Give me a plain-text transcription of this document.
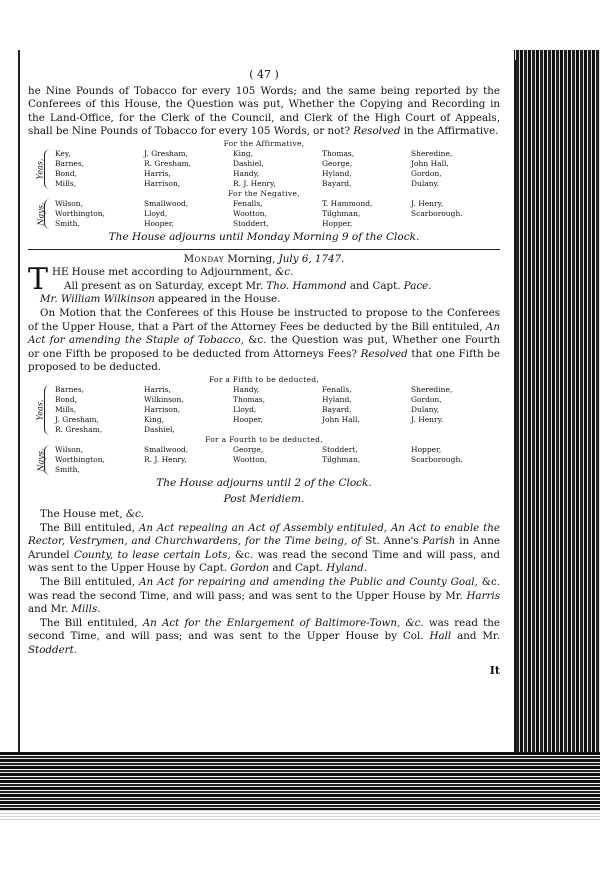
( 47 )

he Nine Pounds of Tobacco for every 105 Words; and the same being reported by the Conferees of this House, the Question was put, Whether the Copying and Recording in the Land-Office, for the Clerk of the Council, and Clerk of the High Court of Appeals, shall be Nine Pounds of Tobacco for every 105 Words, or not? Resolved in the Affirmative.

For the Affirmative,
Yeas,
Key,
Barnes,
Bond,
Mills,
J. Gresham,
R. Gresham,
Harris,
Harrison,
King,
Dashiel,
Handy,
R. J. Henry,
Thomas,
George,
Hyland,
Bayard,
Sheredine,
John Hall,
Gordon,
Dulany.
For the Negative,
Nays, Wilson,
Worthington,
Smith,
Smallwood,
Lloyd,
Hooper,
Fenalls,
Wootton,
Stoddert,
T. Hammond,
Tilghman,
Hopper,
J. Henry,
Scarborough.
The House adjourns until Monday Morning 9 of the Clock.
Monday Morning, July 6, 1747.

THE House met according to Adjournment, &c.

All present as on Saturday, except Mr. Tho. Hammond and Capt. Pace.

Mr. William Wilkinson appeared in the House.

On Motion that the Conferees of this House be instructed to propose to the Conferees of the Upper House, that a Part of the Attorney Fees be deducted by the Bill entituled, An Act for amending the Staple of Tobacco, &c. the Question was put, Whether one Fourth or one Fifth be proposed to be deducted from Attorneys Fees? Resolved that one Fifth be proposed to be deducted.

For a Fifth to be deducted,
Yeas,
Barnes,
Bond,
Mills,
J. Gresham,
R. Gresham,
Harris,
Wilkinson,
Harrison,
King,
Dashiel,
Handy,
Thomas,
Lloyd,
Hooper,
Fenalls,
Hyland,
Bayard,
John Hall,
Sheredine,
Gordon,
Dulany,
J. Henry.
For a Fourth to be deducted,
Nays, Wilson,
Worthington,
Smith,
Smallwood,
R. J. Henry,
George,
Wootton,
Stoddert,
Tilghman,
Hopper,
Scarborough.
The House adjourns until 2 of the Clock.
Post Meridiem.

The House met, &c.

The Bill entituled, An Act repealing an Act of Assembly entituled, An Act to enable the Rector, Vestrymen, and Churchwardens, for the Time being, of St. Anne's Parish in Anne Arundel County, to lease certain Lots, &c. was read the second Time and will pass, and was sent to the Upper House by Capt. Gordon and Capt. Hyland.

The Bill entituled, An Act for repairing and amending the Public and County Goal, &c. was read the second Time, and will pass; and was sent to the Upper House by Mr. Harris and Mr. Mills.

The Bill entituled, An Act for the Enlargement of Baltimore-Town, &c. was read the second Time, and will pass; and was sent to the Upper House by Col. Hall and Mr. Stoddert.

It
